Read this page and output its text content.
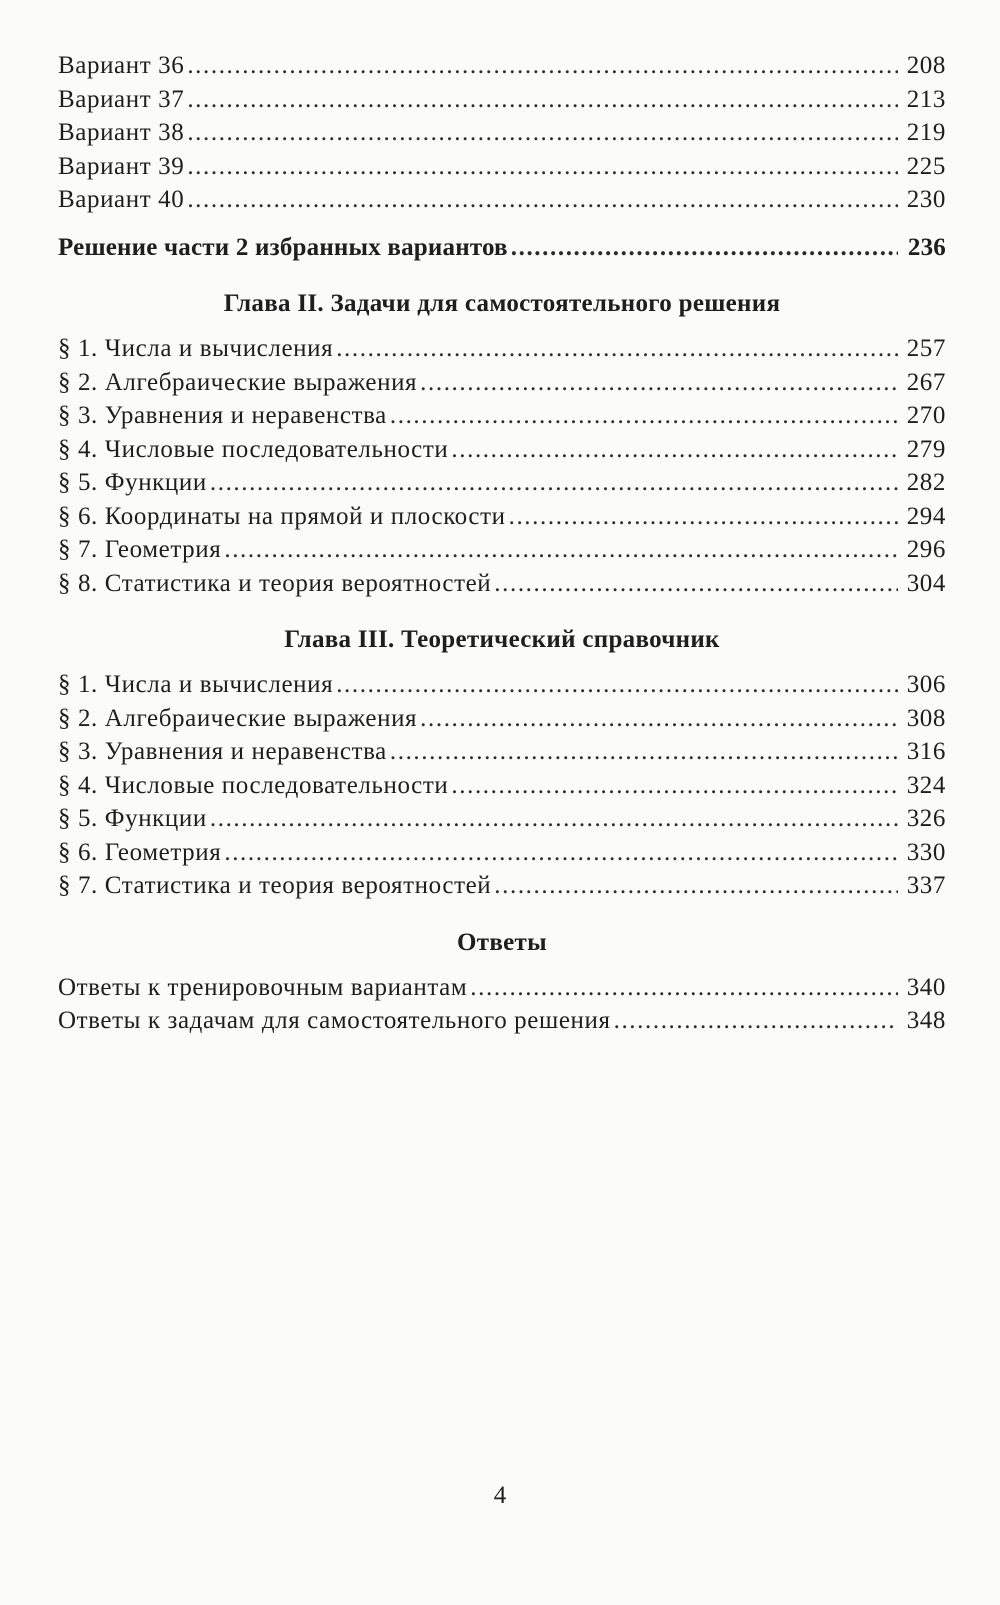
Вариант 36 .....	208
Вариант 37 .....	213
Вариант 38 .....	219
Вариант 39 .....	225
Вариант 40 .....	230
Решение части 2 избранных вариантов .....	236
Глава II. Задачи для самостоятельного решения
§ 1. Числа и вычисления .....	257
§ 2. Алгебраические выражения .....	267
§ 3. Уравнения и неравенства .....	270
§ 4. Числовые последовательности .....	279
§ 5. Функции .....	282
§ 6. Координаты на прямой и плоскости .....	294
§ 7. Геометрия .....	296
§ 8. Статистика и теория вероятностей .....	304
Глава III. Теоретический справочник
§ 1. Числа и вычисления .....	306
§ 2. Алгебраические выражения .....	308
§ 3. Уравнения и неравенства .....	316
§ 4. Числовые последовательности .....	324
§ 5. Функции .....	326
§ 6. Геометрия .....	330
§ 7. Статистика и теория вероятностей .....	337
Ответы
Ответы к тренировочным вариантам .....	340
Ответы к задачам для самостоятельного решения .....	348
4
